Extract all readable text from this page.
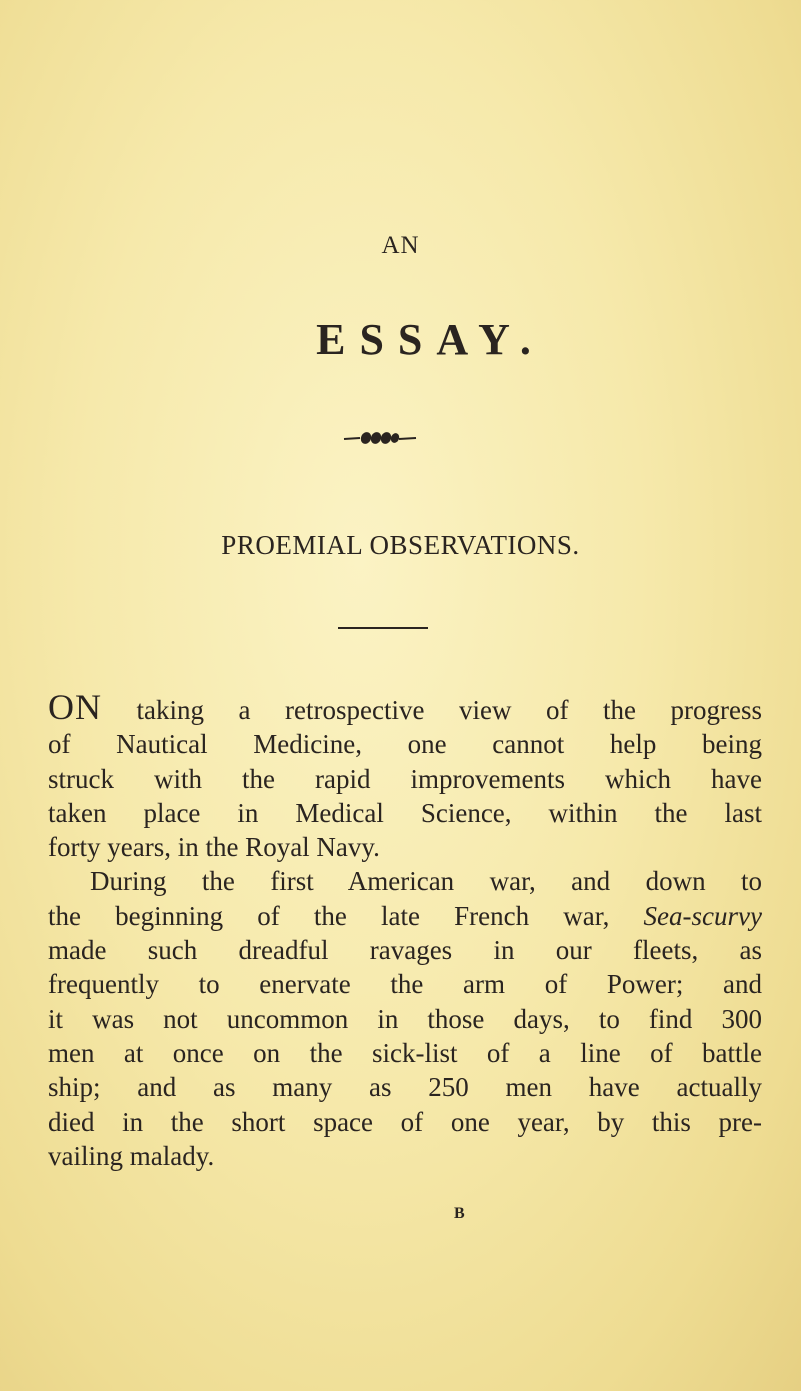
AN
ESSAY.
PROEMIAL OBSERVATIONS.

ON taking a retrospective view of the progress
of Nautical Medicine, one cannot help being
struck with the rapid improvements which have
taken place in Medical Science, within the last
forty years, in the Royal Navy.

During the first American war, and down to
the beginning of the late French war, Sea-scurvy
made such dreadful ravages in our fleets, as
frequently to enervate the arm of Power; and
it was not uncommon in those days, to find 300
men at once on the sick-list of a line of battle
ship; and as many as 250 men have actually
died in the short space of one year, by this pre-
vailing malady.

B
